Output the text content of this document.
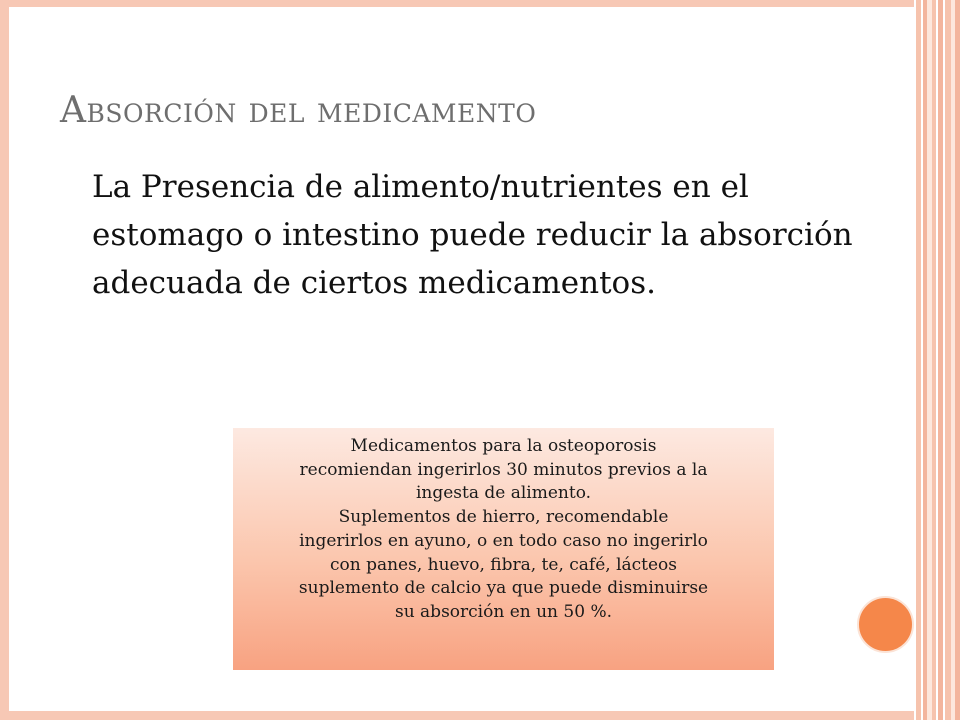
Absorción del medicamento

La Presencia de alimento/nutrientes en el estomago o intestino puede reducir la absorción adecuada de ciertos medicamentos.

Medicamentos para la osteoporosis
recomiendan ingerirlos 30 minutos previos a la
ingesta de alimento.
Suplementos de hierro, recomendable
ingerirlos en ayuno, o en todo caso no ingerirlo
con panes, huevo, fibra, te, café, lácteos
suplemento de calcio ya que puede disminuirse
su absorción en un 50 %.
